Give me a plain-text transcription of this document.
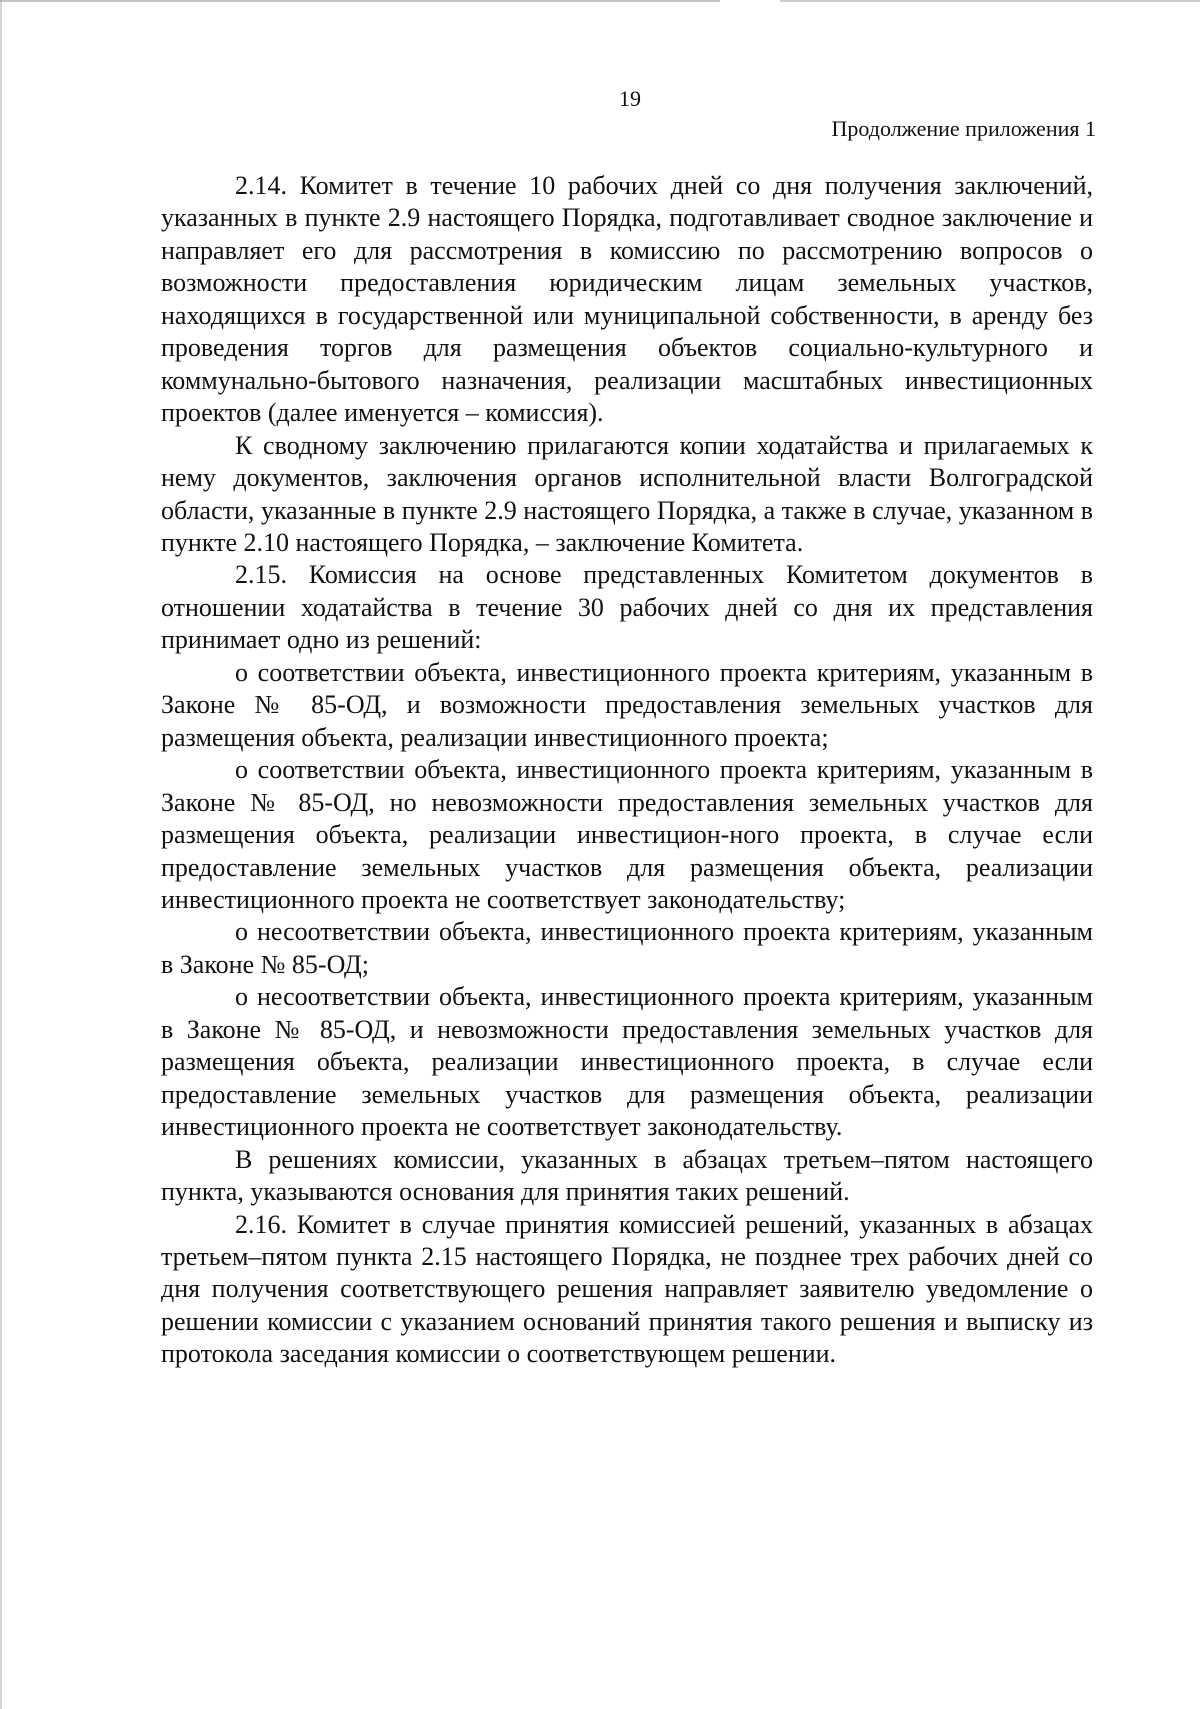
19
Продолжение приложения 1

2.14. Комитет в течение 10 рабочих дней со дня получения заключений, указанных в пункте 2.9 настоящего Порядка, подготавливает сводное заключение и направляет его для рассмотрения в комиссию по рассмотрению вопросов о возможности предоставления юридическим лицам земельных участков, находящихся в государственной или муниципальной собственности, в аренду без проведения торгов для размещения объектов социально-культурного и коммунально-бытового назначения, реализации масштабных инвестиционных проектов (далее именуется – комиссия).

К сводному заключению прилагаются копии ходатайства и прилагаемых к нему документов, заключения органов исполнительной власти Волгоградской области, указанные в пункте 2.9 настоящего Порядка, а также в случае, указанном в пункте 2.10 настоящего Порядка, – заключение Комитета.

2.15. Комиссия на основе представленных Комитетом документов в отношении ходатайства в течение 30 рабочих дней со дня их представления принимает одно из решений:

о соответствии объекта, инвестиционного проекта критериям, указанным в Законе № 85-ОД, и возможности предоставления земельных участков для размещения объекта, реализации инвестиционного проекта;

о соответствии объекта, инвестиционного проекта критериям, указанным в Законе № 85-ОД, но невозможности предоставления земельных участков для размещения объекта, реализации инвестицион-ного проекта, в случае если предоставление земельных участков для размещения объекта, реализации инвестиционного проекта не соответствует законодательству;

о несоответствии объекта, инвестиционного проекта критериям, указанным в Законе № 85-ОД;

о несоответствии объекта, инвестиционного проекта критериям, указанным в Законе № 85-ОД, и невозможности предоставления земельных участков для размещения объекта, реализации инвестиционного проекта, в случае если предоставление земельных участков для размещения объекта, реализации инвестиционного проекта не соответствует законодательству.

В решениях комиссии, указанных в абзацах третьем–пятом настоящего пункта, указываются основания для принятия таких решений.

2.16. Комитет в случае принятия комиссией решений, указанных в абзацах третьем–пятом пункта 2.15 настоящего Порядка, не позднее трех рабочих дней со дня получения соответствующего решения направляет заявителю уведомление о решении комиссии с указанием оснований принятия такого решения и выписку из протокола заседания комиссии о соответствующем решении.
